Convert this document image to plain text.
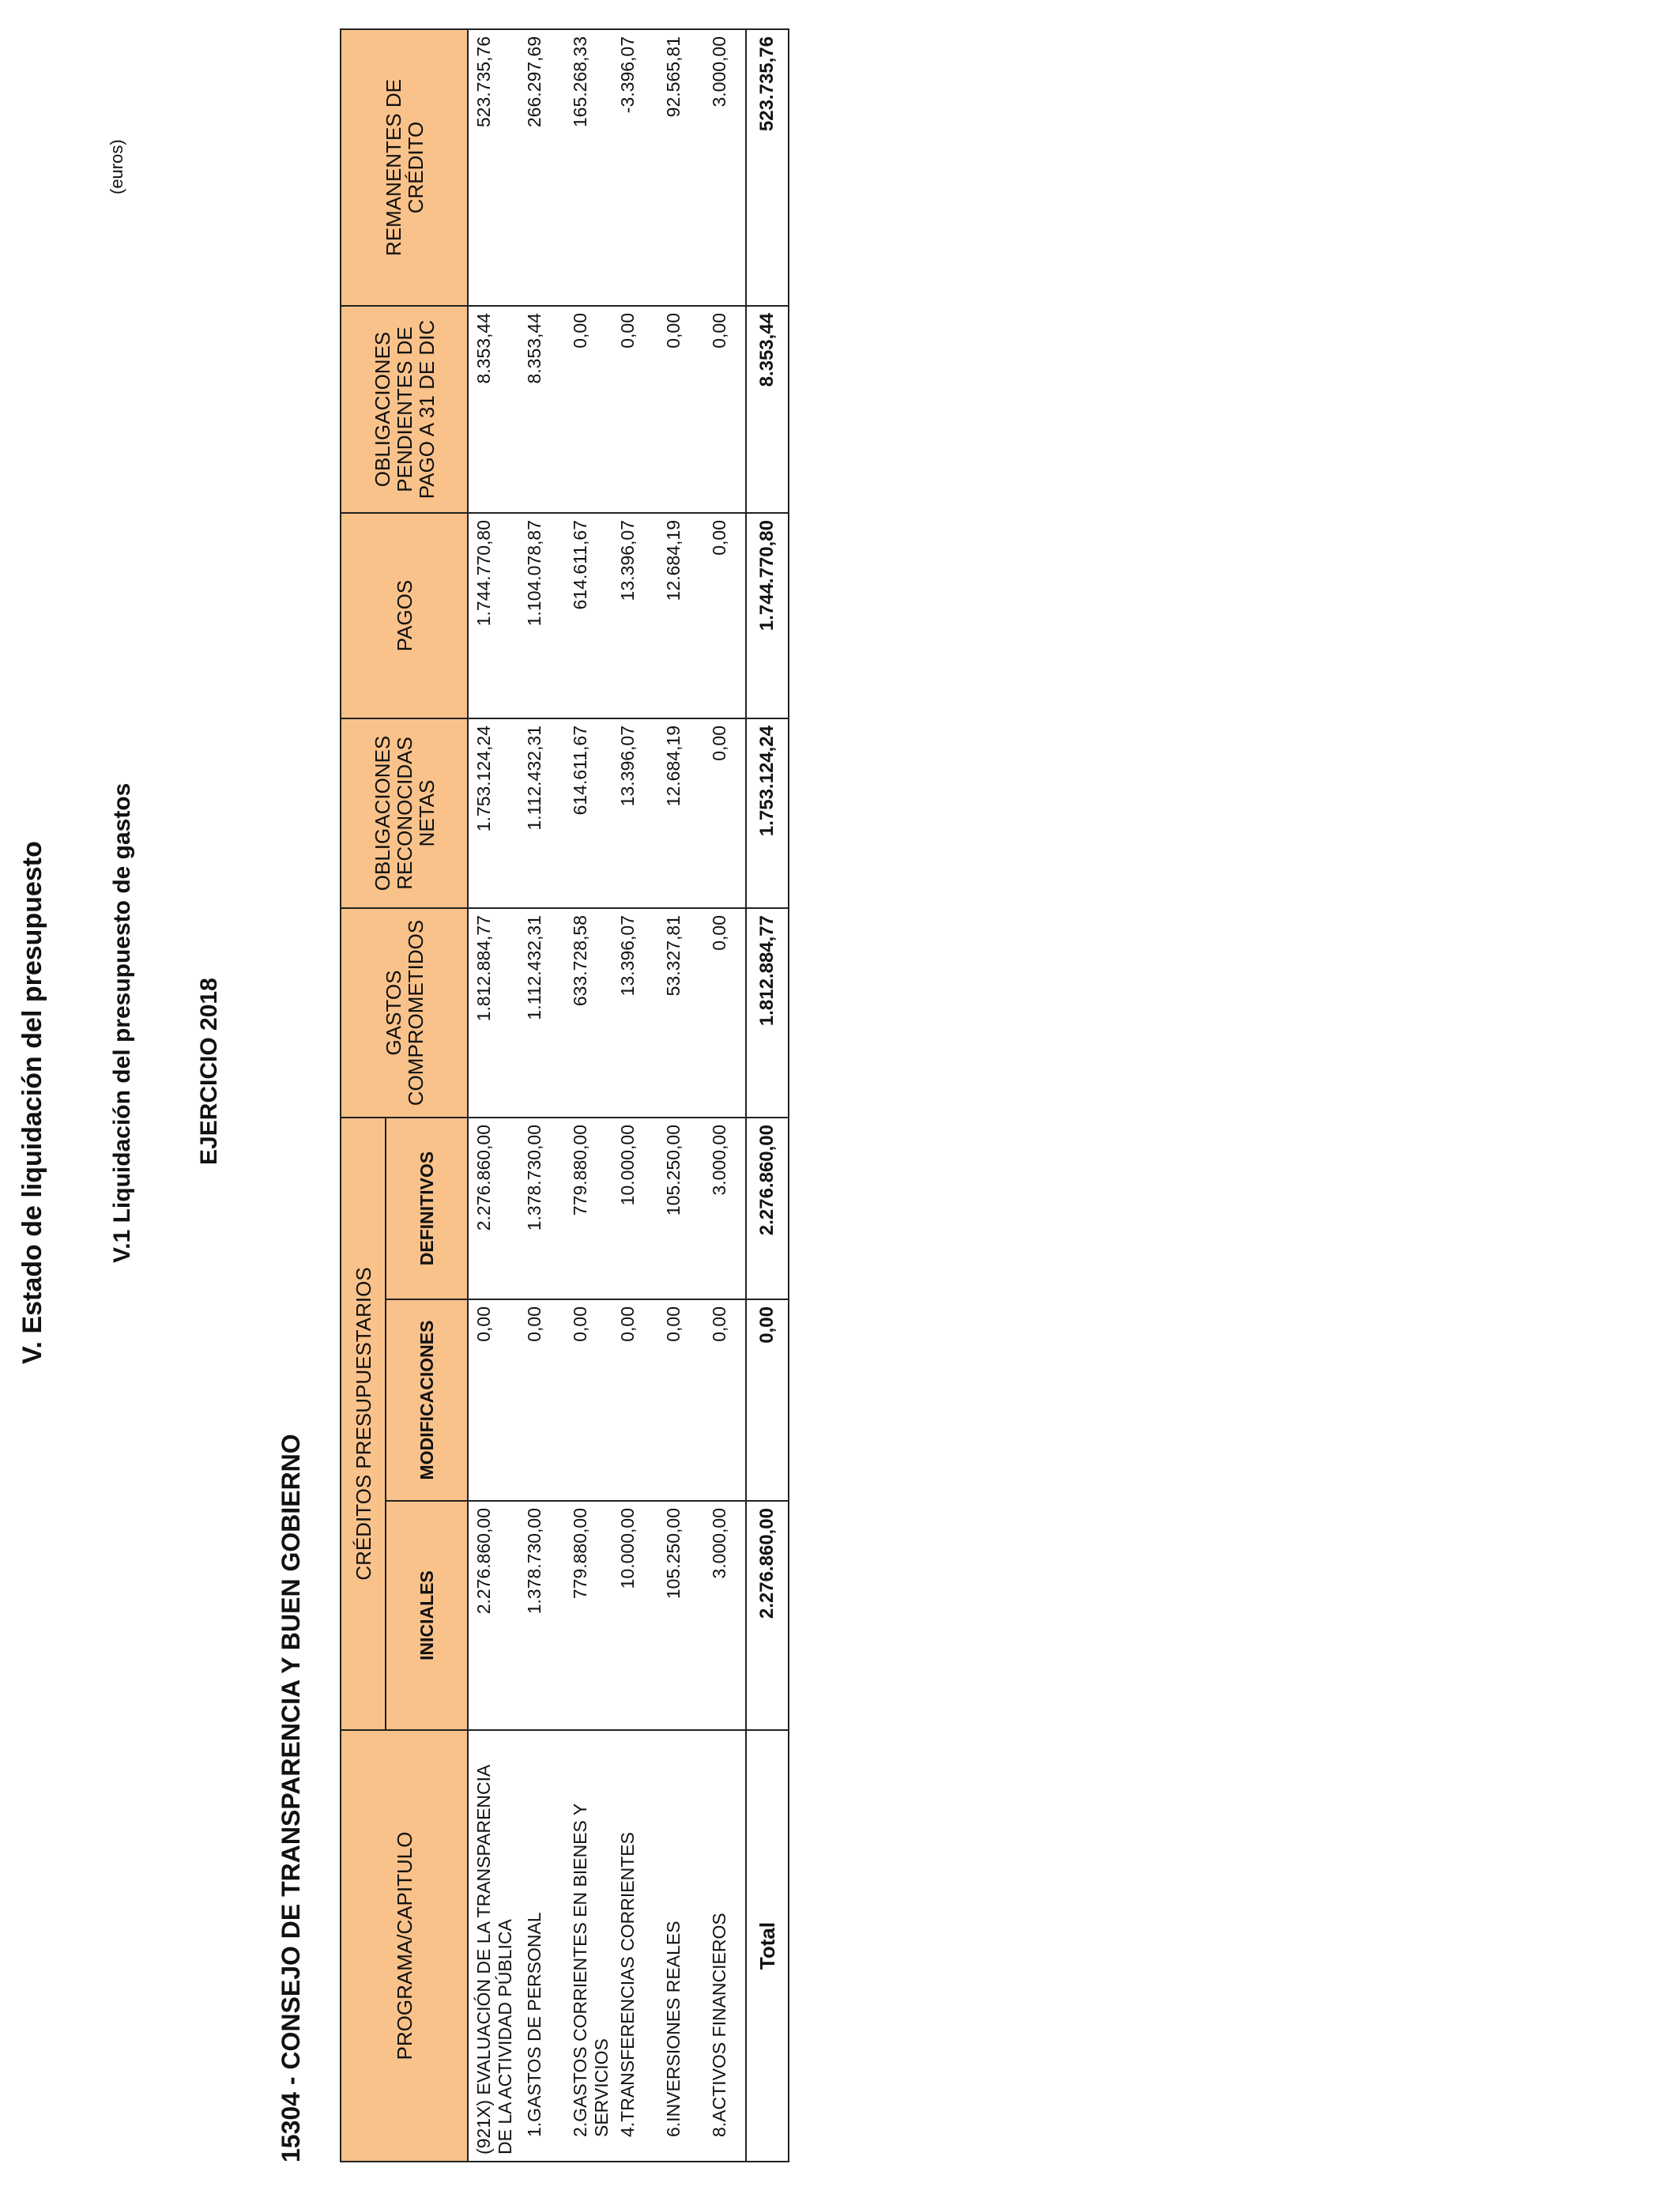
V. Estado de liquidación del presupuesto	V.1 Liquidación del presupuesto de gastos	EJERCICIO 2018
15304 - CONSEJO DE TRANSPARENCIA Y BUEN GOBIERNO
(euros)
PROGRAMA/CAPITULO	CRÉDITOS PRESUPUESTARIOS			GASTOS COMPROMETIDOS	OBLIGACIONES RECONOCIDAS NETAS	PAGOS	OBLIGACIONES PENDIENTES DE PAGO A 31 DE DIC	REMANENTES DE CRÉDITO
	INICIALES	MODIFICACIONES	DEFINITIVOS					
(921X) EVALUACIÓN DE LA TRANSPARENCIA DE LA ACTIVIDAD PÚBLICA	2.276.860,00	0,00	2.276.860,00	1.812.884,77	1.753.124,24	1.744.770,80	8.353,44	523.735,76
1.GASTOS DE PERSONAL	1.378.730,00	0,00	1.378.730,00	1.112.432,31	1.112.432,31	1.104.078,87	8.353,44	266.297,69
2.GASTOS CORRIENTES EN BIENES Y SERVICIOS	779.880,00	0,00	779.880,00	633.728,58	614.611,67	614.611,67	0,00	165.268,33
4.TRANSFERENCIAS CORRIENTES	10.000,00	0,00	10.000,00	13.396,07	13.396,07	13.396,07	0,00	-3.396,07
6.INVERSIONES REALES	105.250,00	0,00	105.250,00	53.327,81	12.684,19	12.684,19	0,00	92.565,81
8.ACTIVOS FINANCIEROS	3.000,00	0,00	3.000,00	0,00	0,00	0,00	0,00	3.000,00
Total	2.276.860,00	0,00	2.276.860,00	1.812.884,77	1.753.124,24	1.744.770,80	8.353,44	523.735,76
